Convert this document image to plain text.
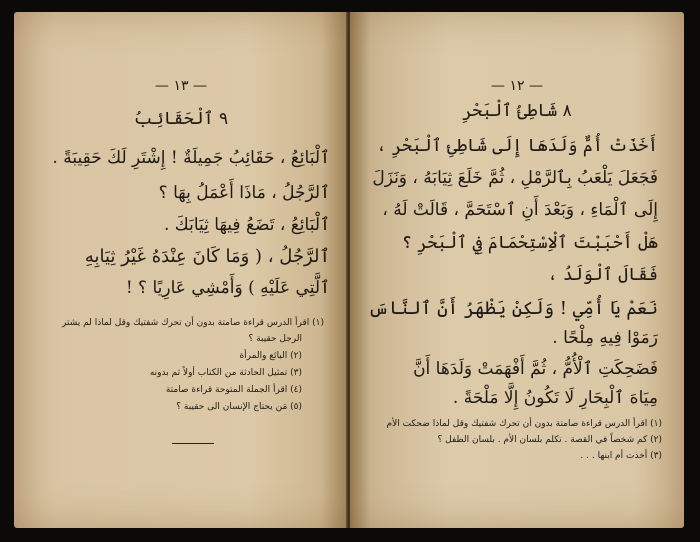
— ١٣ —
٩ ٱلْحَقَائِبُ
ٱلْبَائِعُ ، حَقَائِبُ جَمِيلَةٌ ! إِشْتَرِ لَكَ حَقِيبَةً .
ٱلرَّجُلُ ، مَاذَا أَعْمَلُ بِهَا ؟
ٱلْبَائِعُ ، تَضَعُ فِيهَا ثِيَابَكَ .
ٱلرَّجُلُ ، ( وَمَا كَانَ عِنْدَهُ غَيْرُ ثِيَابِهِ
ٱلَّتِي عَلَيْهِ ) وَأَمْشِي عَارِيًا ؟ !
(١) اقرأ الدرس قراءة صامتة بدون أن تحرك شفتيك وقل لماذا لم يشتر
الرجل حقيبة ؟
(٢) البائع والمرأة
(٣) تمثيل الحادثة من الكتاب أولاً ثم بدونه
(٤) اقرأ الجملة المتوحة قراءة صامتة
(٥) مَن يحتاج الإنسان الى حقيبة ؟
— ١٢ —
٨ شَاطِئُ ٱلْبَحْرِ
أَخَذَتْ أُمٌّ وَلَدَهَا إِلَى شَاطِئِ ٱلْبَحْرِ ،
فَجَعَلَ يَلْعَبُ بِٱلرَّمْلِ ، ثُمَّ خَلَعَ ثِيَابَهُ ، وَنَزَلَ
إِلَى ٱلْمَاءِ ، وَبَعْدَ أَنِ ٱسْتَحَمَّ ، قَالَتْ لَهُ ،
هَلْ أَحْبَبْتَ ٱلْاِسْتِحْمَامَ فِي ٱلْبَحْرِ ؟
فَقَالَ ٱلْوَلَدُ ،
نَعَمْ يَا أُمِّي ! وَلَكِنْ يَظْهَرُ أَنَّ ٱلنَّاسَ
رَمَوْا فِيهِ مِلْحًا .
فَضَحِكَتِ ٱلْأُمُّ ، ثُمَّ أَفْهَمَتْ وَلَدَهَا أَنَّ
مِيَاهَ ٱلْبِحَارِ لَا تَكُونُ إِلَّا مَلْحَةً .
(١) اقرأ الدرس قراءة صامتة بدون أن تحرك شفتيك وقل لماذا ضحكت الأم
(٢) كم شخصاً في القصة . تكلم بلسان الأم . بلسان الطفل ؟
(٣) أخذت أم ابنها . . .
